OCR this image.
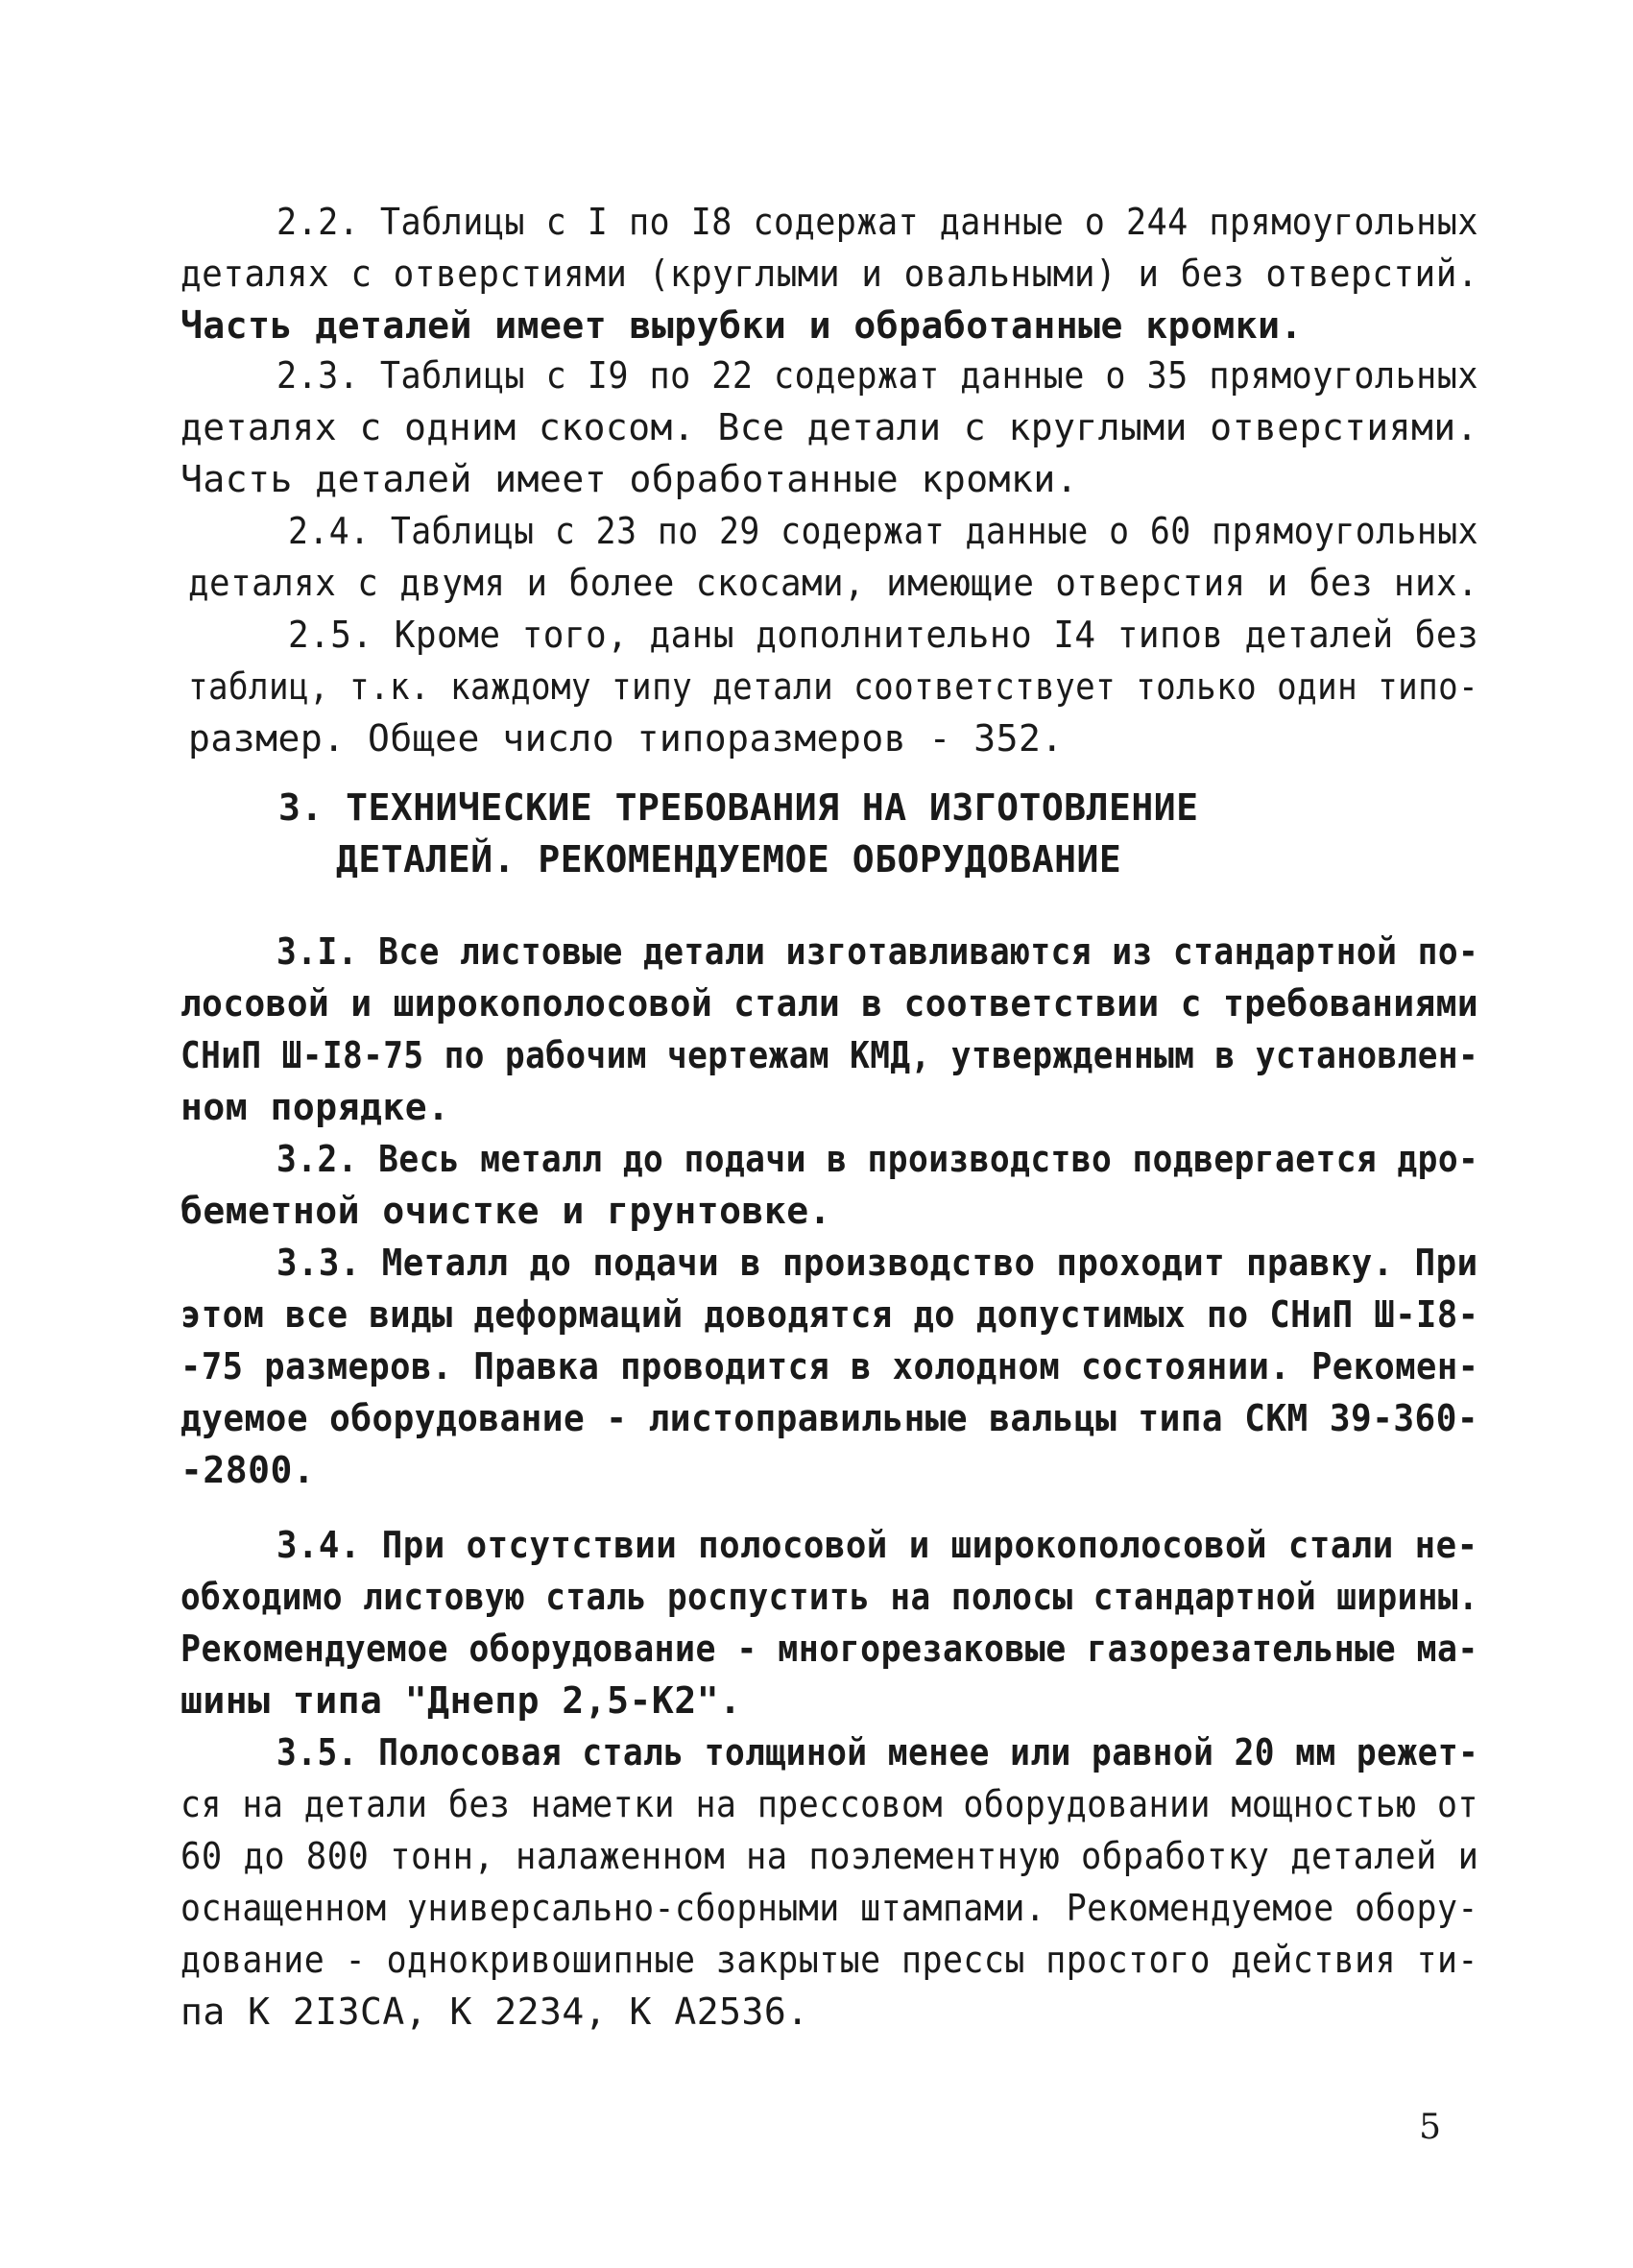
2.2. Таблицы с I по I8 содержат данные о 244 прямоугольных
деталях с отверстиями (круглыми и овальными) и без отверстий.
Часть деталей имеет вырубки и обработанные кромки.
2.3. Таблицы с I9 по 22 содержат данные о 35 прямоугольных
деталях с одним скосом. Все детали с круглыми отверстиями.
Часть деталей имеет обработанные кромки.
2.4. Таблицы с 23 по 29 содержат данные о 60 прямоугольных
деталях с двумя и более скосами, имеющие отверстия и без них.
2.5. Кроме того, даны дополнительно I4 типов деталей без
таблиц, т.к. каждому типу детали соответствует только один типо-
размер. Общее число типоразмеров - 352.
3. ТЕХНИЧЕСКИЕ ТРЕБОВАНИЯ НА ИЗГОТОВЛЕНИЕ
ДЕТАЛЕЙ. РЕКОМЕНДУЕМОЕ ОБОРУДОВАНИЕ
3.I. Все листовые детали изготавливаются из стандартной по-
лосовой и широкополосовой стали в соответствии с требованиями
СНиП Ш-I8-75 по рабочим чертежам КМД, утвержденным в установлен-
ном порядке.
3.2. Весь металл до подачи в производство подвергается дро-
беметной очистке и грунтовке.
3.3. Металл до подачи в производство проходит правку. При
этом все виды деформаций доводятся до допустимых по СНиП Ш-I8-
-75 размеров. Правка проводится в холодном состоянии. Рекомен-
дуемое оборудование - листоправильные вальцы типа СКМ 39-360-
-2800.
3.4. При отсутствии полосовой и широкополосовой стали не-
обходимо листовую сталь роспустить на полосы стандартной ширины.
Рекомендуемое оборудование - многорезаковые газорезательные ма-
шины типа "Днепр 2,5-К2".
3.5. Полосовая сталь толщиной менее или равной 20 мм режет-
ся на детали без наметки на прессовом оборудовании мощностью от
60 до 800 тонн, налаженном на поэлементную обработку деталей и
оснащенном универсально-сборными штампами. Рекомендуемое обору-
дование - однокривошипные закрытые прессы простого действия ти-
па К 2I3СА, К 2234, К А2536.
5
